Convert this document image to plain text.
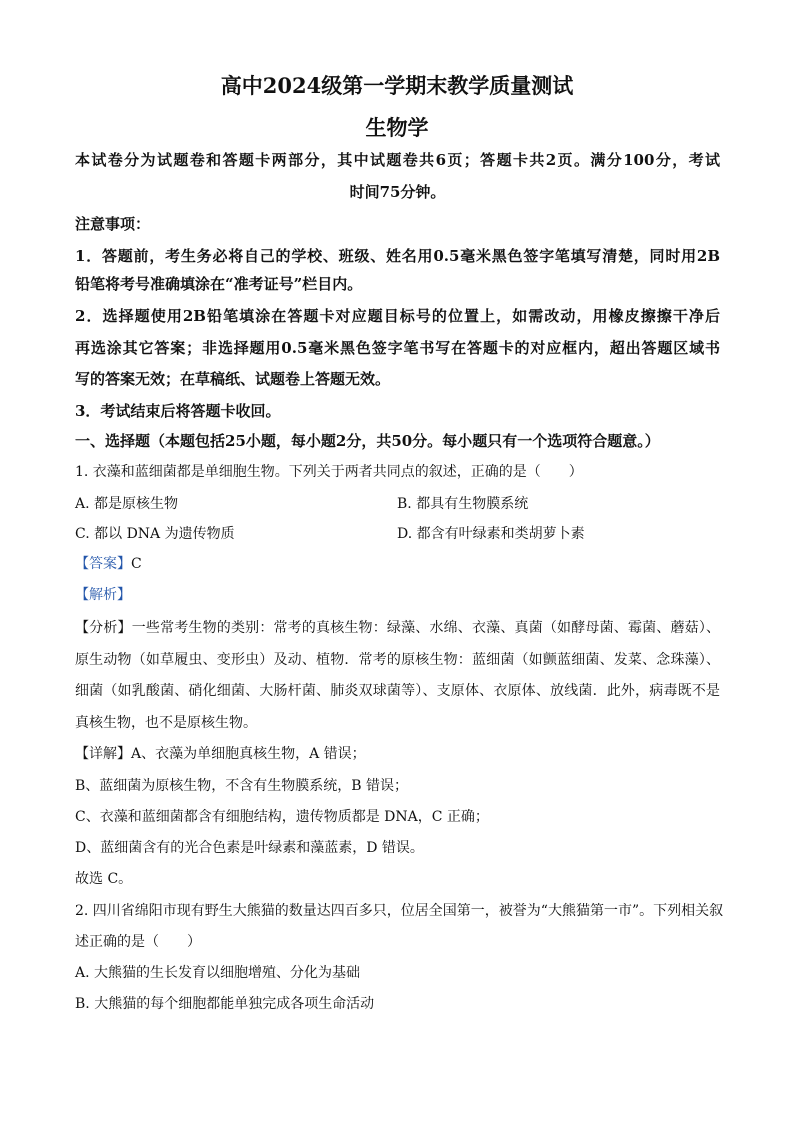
高中2024级第一学期末教学质量测试
生物学
本试卷分为试题卷和答题卡两部分，其中试题卷共6页；答题卡共2页。满分100分，考试
时间75分钟。
注意事项：
1．答题前，考生务必将自己的学校、班级、姓名用0.5毫米黑色签字笔填写清楚，同时用2B
铅笔将考号准确填涂在“准考证号”栏目内。
2．选择题使用2B铅笔填涂在答题卡对应题目标号的位置上，如需改动，用橡皮擦擦干净后
再选涂其它答案；非选择题用0.5毫米黑色签字笔书写在答题卡的对应框内，超出答题区域书
写的答案无效；在草稿纸、试题卷上答题无效。
3．考试结束后将答题卡收回。
一、选择题（本题包括25小题，每小题2分，共50分。每小题只有一个选项符合题意。）
1. 衣藻和蓝细菌都是单细胞生物。下列关于两者共同点的叙述，正确的是（　　）
A. 都是原核生物	B. 都具有生物膜系统
C. 都以 DNA 为遗传物质	D. 都含有叶绿素和类胡萝卜素
【答案】C
【解析】
【分析】一些常考生物的类别：常考的真核生物：绿藻、水绵、衣藻、真菌（如酵母菌、霉菌、蘑菇）、
原生动物（如草履虫、变形虫）及动、植物．常考的原核生物：蓝细菌（如颤蓝细菌、发菜、念珠藻）、
细菌（如乳酸菌、硝化细菌、大肠杆菌、肺炎双球菌等）、支原体、衣原体、放线菌．此外，病毒既不是
真核生物，也不是原核生物。
【详解】A、衣藻为单细胞真核生物，A 错误；
B、蓝细菌为原核生物，不含有生物膜系统，B 错误；
C、衣藻和蓝细菌都含有细胞结构，遗传物质都是 DNA，C 正确；
D、蓝细菌含有的光合色素是叶绿素和藻蓝素，D 错误。
故选 C。
2. 四川省绵阳市现有野生大熊猫的数量达四百多只，位居全国第一，被誉为“大熊猫第一市”。下列相关叙
述正确的是（　　）
A. 大熊猫的生长发育以细胞增殖、分化为基础
B. 大熊猫的每个细胞都能单独完成各项生命活动
